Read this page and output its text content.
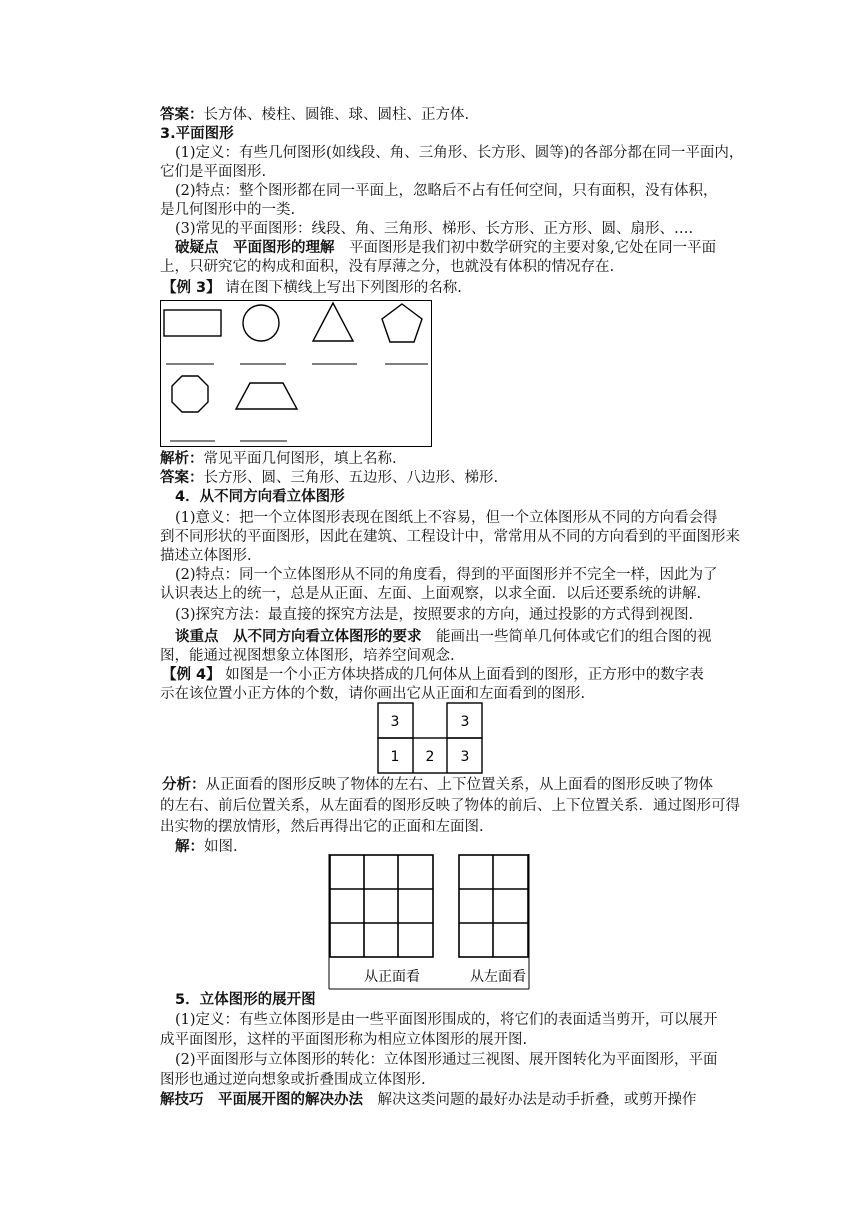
答案：长方体、棱柱、圆锥、球、圆柱、正方体.
3.平面图形
(1)定义：有些几何图形(如线段、角、三角形、长方形、圆等)的各部分都在同一平面内，
它们是平面图形.
(2)特点：整个图形都在同一平面上，忽略后不占有任何空间，只有面积，没有体积，
是几何图形中的一类.
(3)常见的平面图形：线段、角、三角形、梯形、长方形、正方形、圆、扇形、….
破疑点　平面图形的理解　平面图形是我们初中数学研究的主要对象,它处在同一平面
上，只研究它的构成和面积，没有厚薄之分，也就没有体积的情况存在.
【例 3】 请在图下横线上写出下列图形的名称.
解析：常见平面几何图形，填上名称.
答案：长方形、圆、三角形、五边形、八边形、梯形.
4．从不同方向看立体图形
(1)意义：把一个立体图形表现在图纸上不容易，但一个立体图形从不同的方向看会得
到不同形状的平面图形，因此在建筑、工程设计中，常常用从不同的方向看到的平面图形来
描述立体图形.
(2)特点：同一个立体图形从不同的角度看，得到的平面图形并不完全一样，因此为了
认识表达上的统一，总是从正面、左面、上面观察，以求全面．以后还要系统的讲解.
(3)探究方法：最直接的探究方法是，按照要求的方向，通过投影的方式得到视图.
谈重点　从不同方向看立体图形的要求　能画出一些简单几何体或它们的组合图的视
图，能通过视图想象立体图形，培养空间观念.
【例 4】 如图是一个小正方体块搭成的几何体从上面看到的图形，正方形中的数字表
示在该位置小正方体的个数，请你画出它从正面和左面看到的图形.
3	3
1 2 3
分析：从正面看的图形反映了物体的左右、上下位置关系，从上面看的图形反映了物体
的左右、前后位置关系，从左面看的图形反映了物体的前后、上下位置关系．通过图形可得
出实物的摆放情形，然后再得出它的正面和左面图.
解：如图.
从正面看	从左面看
5．立体图形的展开图
(1)定义：有些立体图形是由一些平面图形围成的，将它们的表面适当剪开，可以展开
成平面图形，这样的平面图形称为相应立体图形的展开图.
(2)平面图形与立体图形的转化：立体图形通过三视图、展开图转化为平面图形，平面
图形也通过逆向想象或折叠围成立体图形.
解技巧　平面展开图的解决办法　解决这类问题的最好办法是动手折叠，或剪开操作
